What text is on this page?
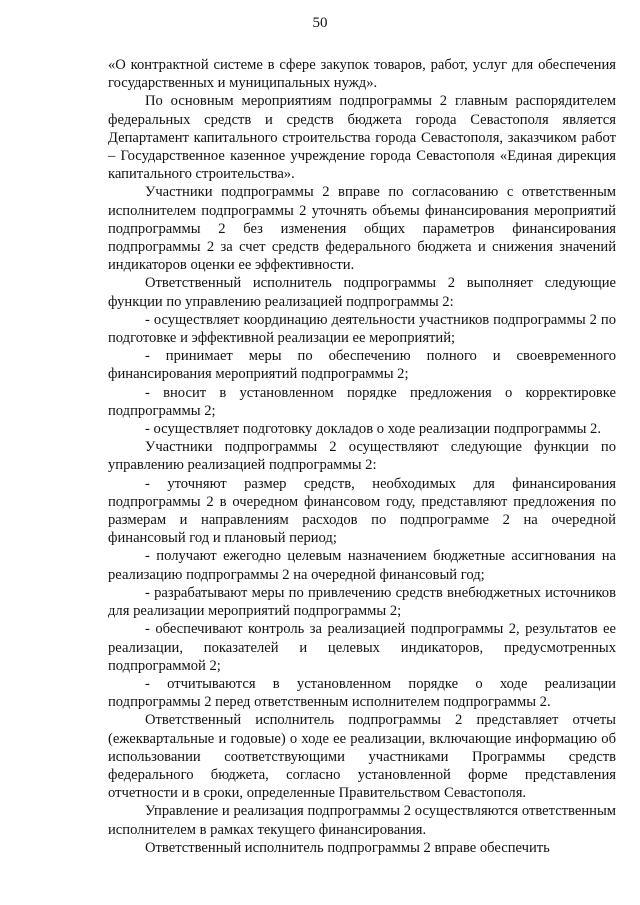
50

«О контрактной системе в сфере закупок товаров, работ, услуг для обеспечения государственных и муниципальных нужд».

По основным мероприятиям подпрограммы 2 главным распорядителем федеральных средств и средств бюджета города Севастополя является Департамент капитального строительства города Севастополя, заказчиком работ – Государственное казенное учреждение города Севастополя «Единая дирекция капитального строительства».

Участники подпрограммы 2 вправе по согласованию с ответственным исполнителем подпрограммы 2 уточнять объемы финансирования мероприятий подпрограммы 2 без изменения общих параметров финансирования подпрограммы 2 за счет средств федерального бюджета и снижения значений индикаторов оценки ее эффективности.

Ответственный исполнитель подпрограммы 2 выполняет следующие функции по управлению реализацией подпрограммы 2:

- осуществляет координацию деятельности участников подпрограммы 2 по подготовке и эффективной реализации ее мероприятий;

- принимает меры по обеспечению полного и своевременного финансирования мероприятий подпрограммы 2;

- вносит в установленном порядке предложения о корректировке подпрограммы 2;

- осуществляет подготовку докладов о ходе реализации подпрограммы 2.

Участники подпрограммы 2 осуществляют следующие функции по управлению реализацией подпрограммы 2:

- уточняют размер средств, необходимых для финансирования подпрограммы 2 в очередном финансовом году, представляют предложения по размерам и направлениям расходов по подпрограмме 2 на очередной финансовый год и плановый период;

- получают ежегодно целевым назначением бюджетные ассигнования на реализацию подпрограммы 2 на очередной финансовый год;

- разрабатывают меры по привлечению средств внебюджетных источников для реализации мероприятий подпрограммы 2;

- обеспечивают контроль за реализацией подпрограммы 2, результатов ее реализации, показателей и целевых индикаторов, предусмотренных подпрограммой 2;

- отчитываются в установленном порядке о ходе реализации подпрограммы 2 перед ответственным исполнителем подпрограммы 2.

Ответственный исполнитель подпрограммы 2 представляет отчеты (ежеквартальные и годовые) о ходе ее реализации, включающие информацию об использовании соответствующими участниками Программы средств федерального бюджета, согласно установленной форме представления отчетности и в сроки, определенные Правительством Севастополя.

Управление и реализация подпрограммы 2 осуществляются ответственным исполнителем в рамках текущего финансирования.

Ответственный исполнитель подпрограммы 2 вправе обеспечить
